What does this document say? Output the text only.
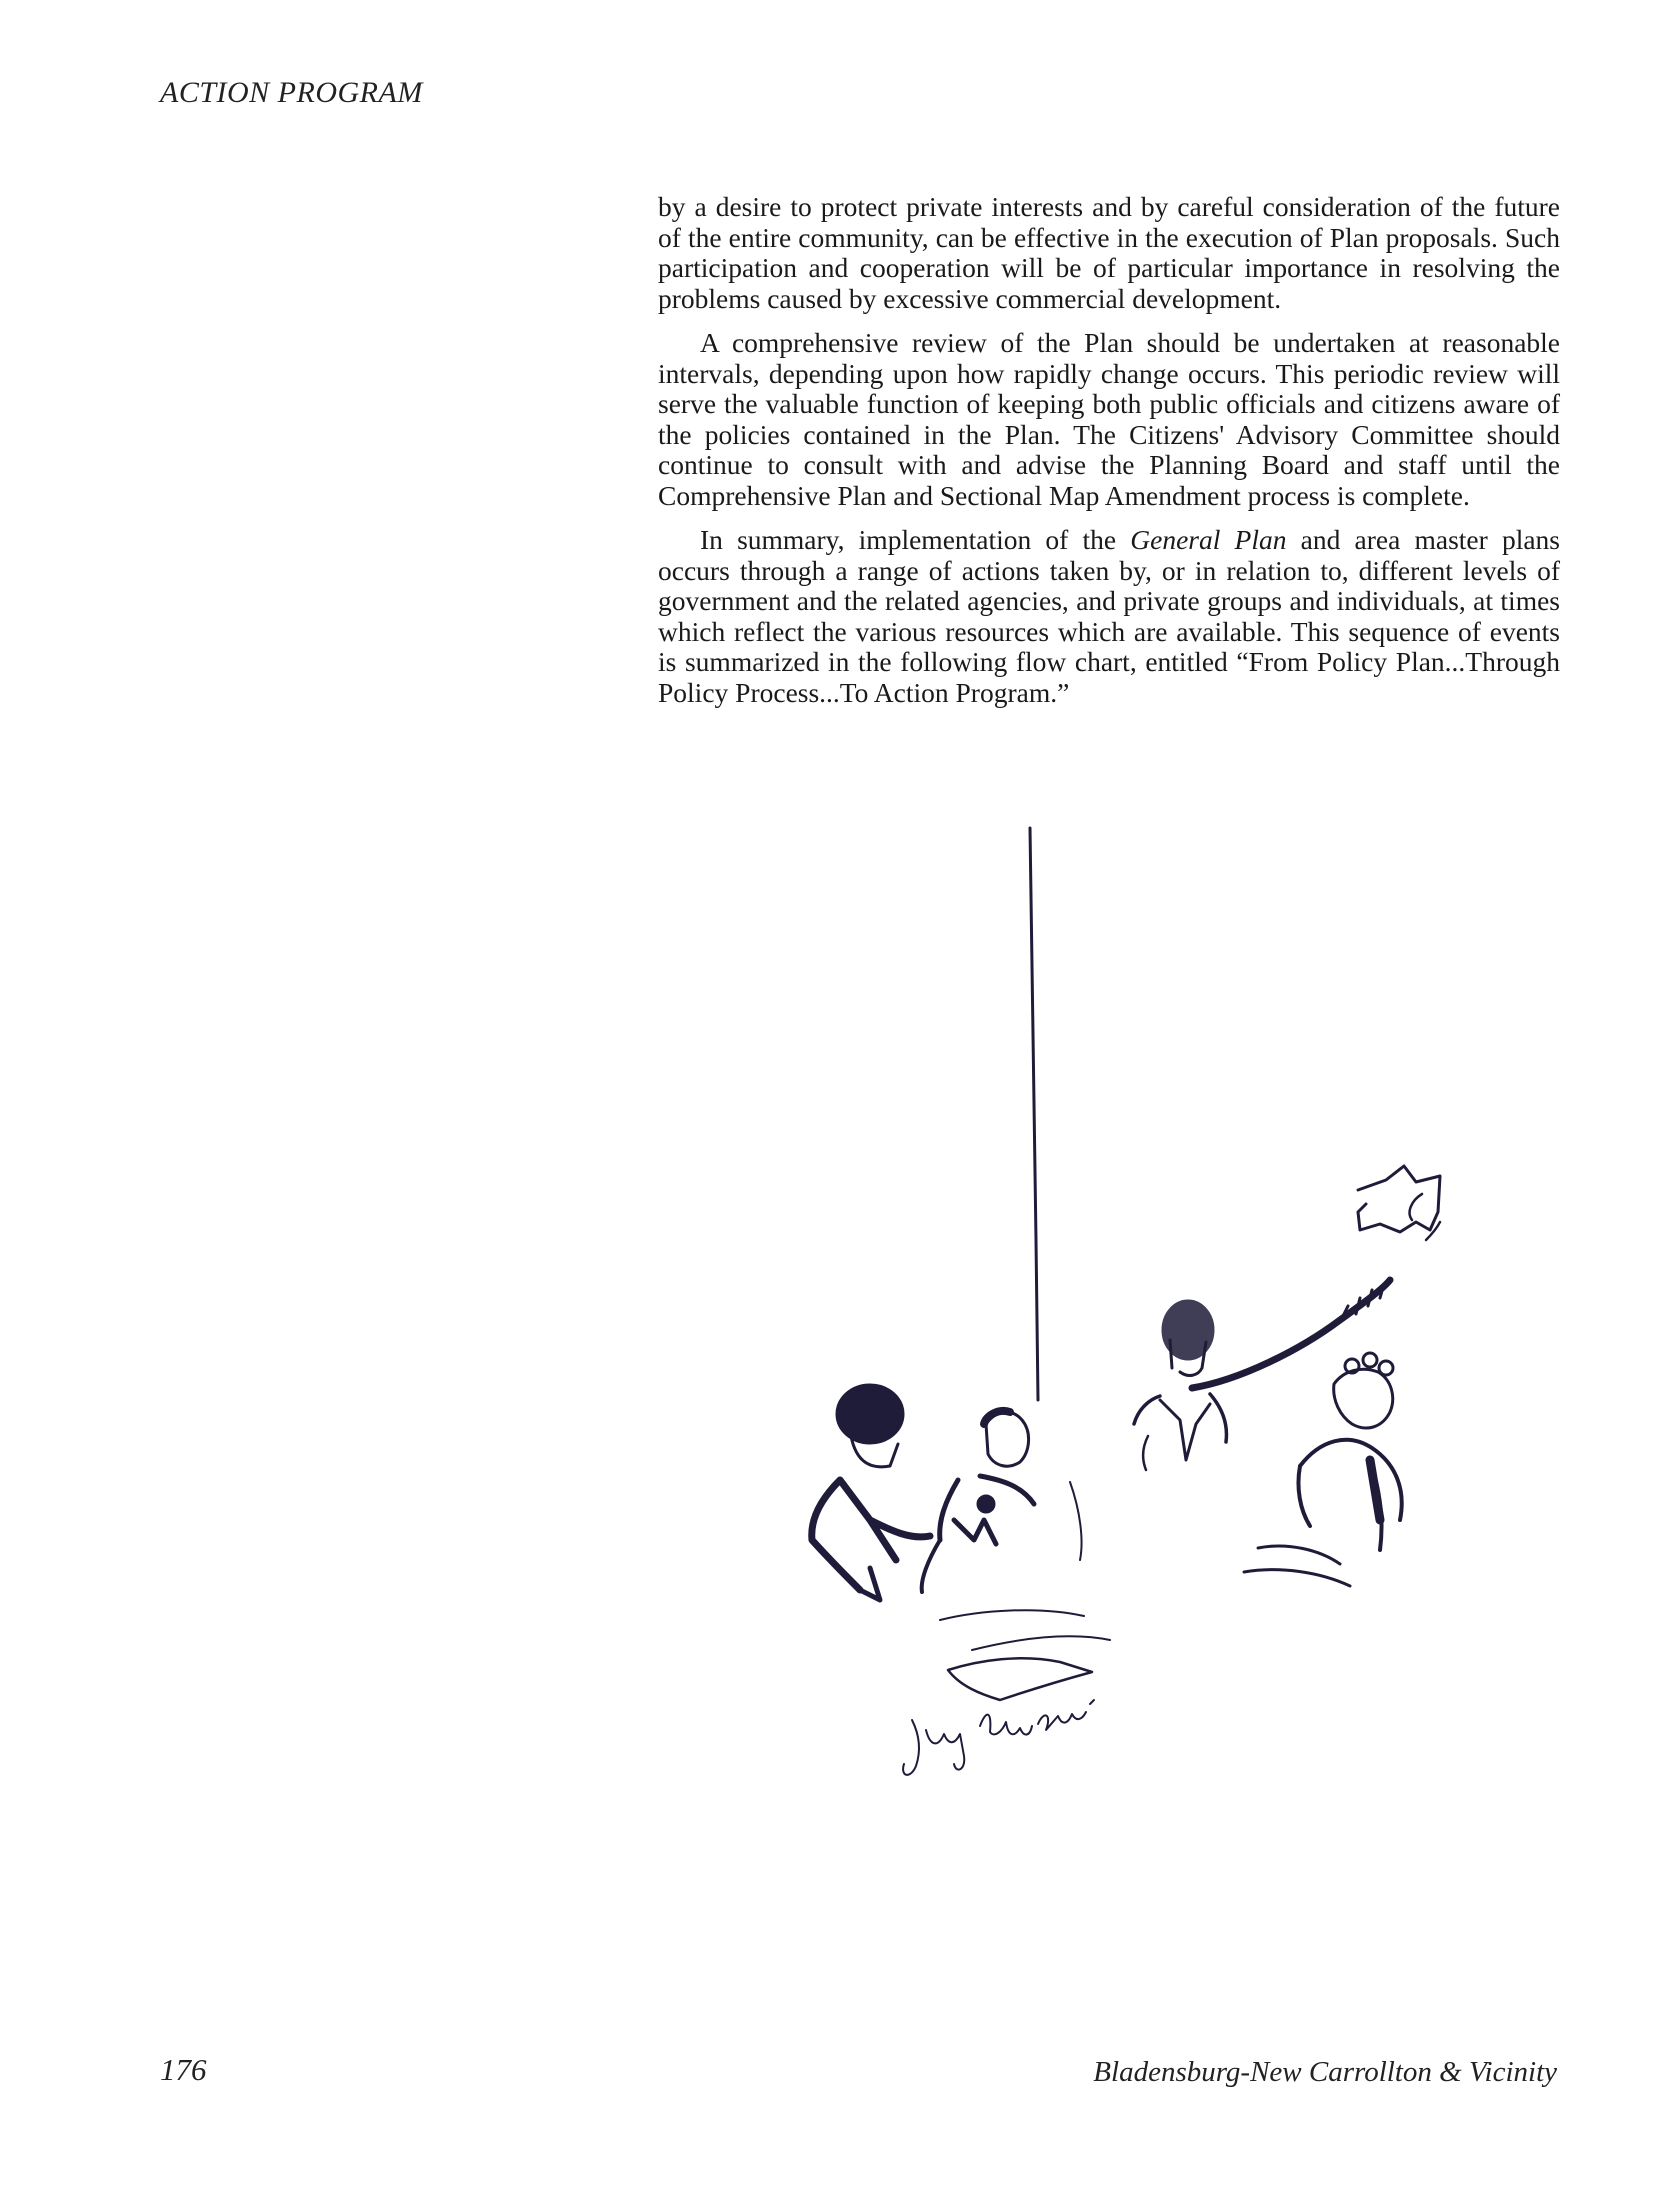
ACTION PROGRAM

by a desire to protect private interests and by careful consideration of the future of the entire community, can be effective in the execution of Plan proposals. Such participation and cooperation will be of particular importance in resolving the problems caused by excessive commercial development.

A comprehensive review of the Plan should be undertaken at reasonable intervals, depending upon how rapidly change occurs. This periodic review will serve the valuable function of keeping both public officials and citizens aware of the policies contained in the Plan. The Citizens' Advisory Committee should continue to consult with and advise the Planning Board and staff until the Comprehensive Plan and Sectional Map Amendment process is complete.

In summary, implementation of the General Plan and area master plans occurs through a range of actions taken by, or in relation to, different levels of government and the related agencies, and private groups and individuals, at times which reflect the various resources which are available. This sequence of events is summarized in the following flow chart, entitled “From Policy Plan...Through Policy Process...To Action Program.”

176	Bladensburg-New Carrollton & Vicinity
